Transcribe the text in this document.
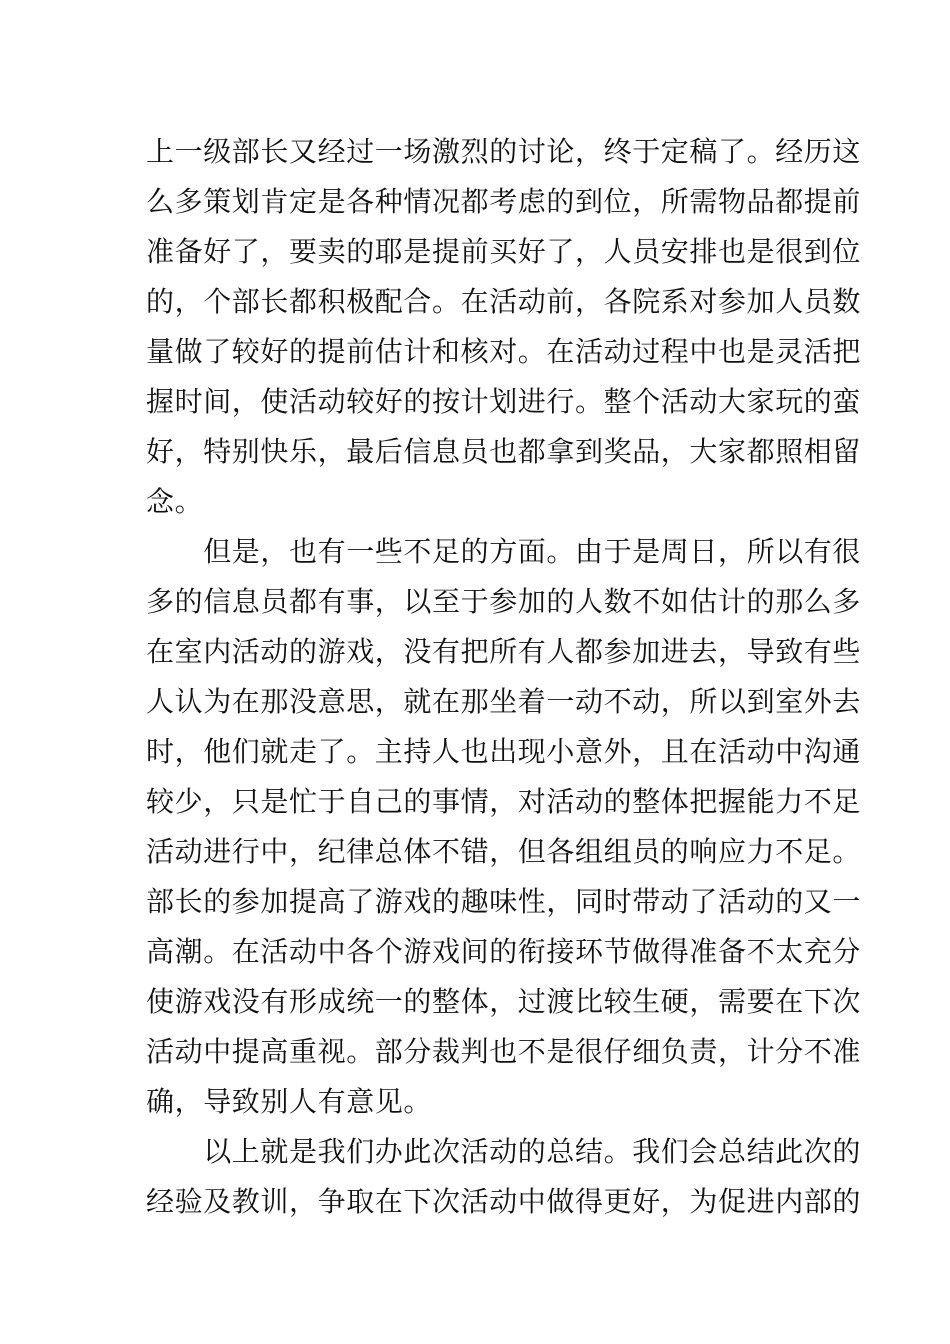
上一级部长又经过一场激烈的讨论，终于定稿了。经历这
么多策划肯定是各种情况都考虑的到位，所需物品都提前
准备好了，要卖的耶是提前买好了，人员安排也是很到位
的，个部长都积极配合。在活动前，各院系对参加人员数
量做了较好的提前估计和核对。在活动过程中也是灵活把
握时间，使活动较好的按计划进行。整个活动大家玩的蛮
好，特别快乐，最后信息员也都拿到奖品，大家都照相留
念。
　　但是，也有一些不足的方面。由于是周日，所以有很
多的信息员都有事，以至于参加的人数不如估计的那么多
在室内活动的游戏，没有把所有人都参加进去，导致有些
人认为在那没意思，就在那坐着一动不动，所以到室外去
时，他们就走了。主持人也出现小意外，且在活动中沟通
较少，只是忙于自己的事情，对活动的整体把握能力不足
活动进行中，纪律总体不错，但各组组员的响应力不足。
部长的参加提高了游戏的趣味性，同时带动了活动的又一
高潮。在活动中各个游戏间的衔接环节做得准备不太充分
使游戏没有形成统一的整体，过渡比较生硬，需要在下次
活动中提高重视。部分裁判也不是很仔细负责，计分不准
确，导致别人有意见。
　　以上就是我们办此次活动的总结。我们会总结此次的
经验及教训，争取在下次活动中做得更好，为促进内部的
